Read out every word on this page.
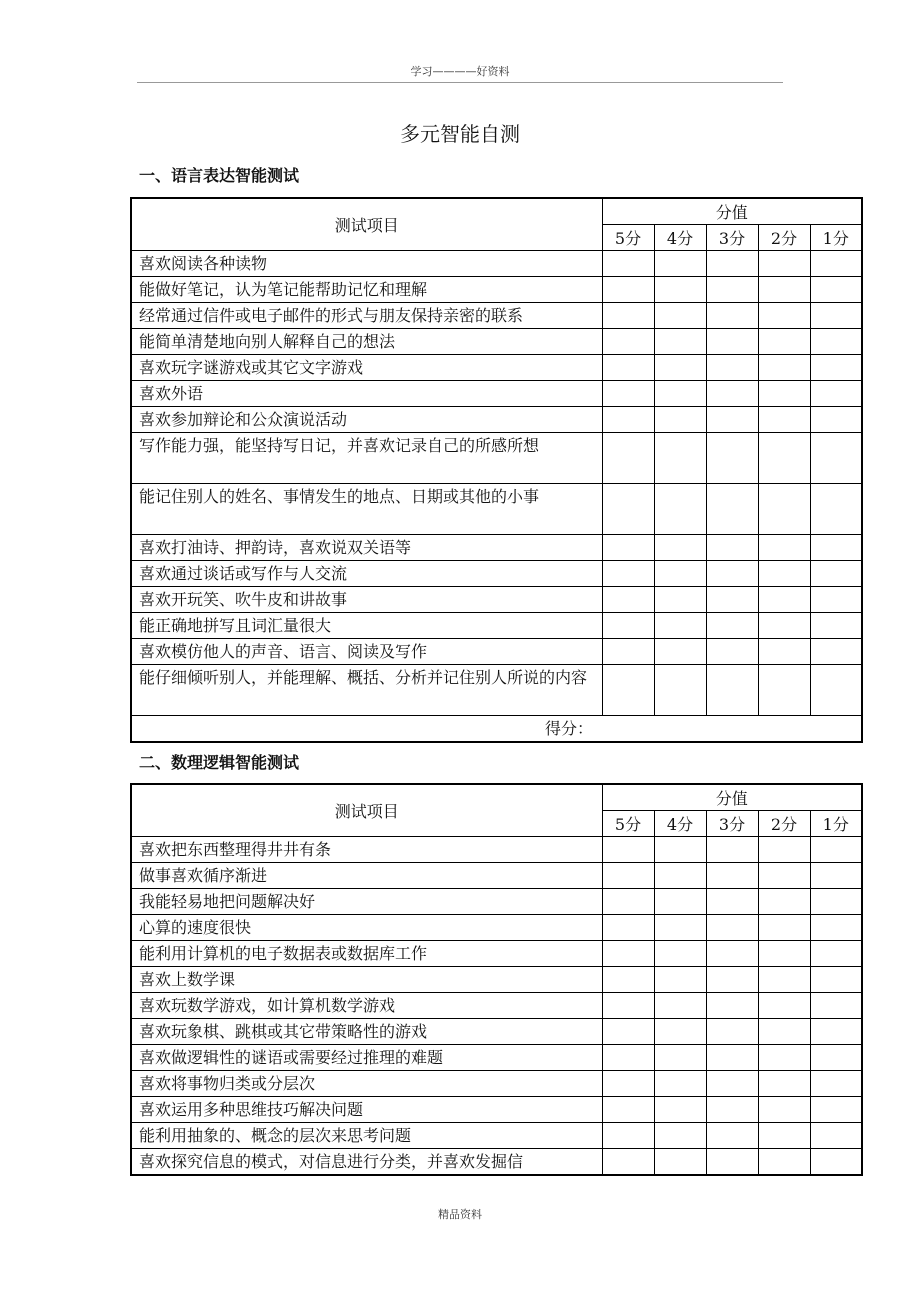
学习————好资料
多元智能自测
一、语言表达智能测试
测试项目	分值				
	5分	4分	3分	2分	1分
喜欢阅读各种读物					
能做好笔记，认为笔记能帮助记忆和理解					
经常通过信件或电子邮件的形式与朋友保持亲密的联系					
能简单清楚地向别人解释自己的想法					
喜欢玩字谜游戏或其它文字游戏					
喜欢外语					
喜欢参加辩论和公众演说活动					
写作能力强，能坚持写日记，并喜欢记录自己的所感所想					
能记住别人的姓名、事情发生的地点、日期或其他的小事					
喜欢打油诗、押韵诗，喜欢说双关语等					
喜欢通过谈话或写作与人交流					
喜欢开玩笑、吹牛皮和讲故事					
能正确地拼写且词汇量很大					
喜欢模仿他人的声音、语言、阅读及写作					
能仔细倾听别人，并能理解、概括、分析并记住别人所说的内容					
得分：					
二、数理逻辑智能测试
测试项目	分值				
	5分	4分	3分	2分	1分
喜欢把东西整理得井井有条					
做事喜欢循序渐进					
我能轻易地把问题解决好					
心算的速度很快					
能利用计算机的电子数据表或数据库工作					
喜欢上数学课					
喜欢玩数学游戏，如计算机数学游戏					
喜欢玩象棋、跳棋或其它带策略性的游戏					
喜欢做逻辑性的谜语或需要经过推理的难题					
喜欢将事物归类或分层次					
喜欢运用多种思维技巧解决问题					
能利用抽象的、概念的层次来思考问题					
喜欢探究信息的模式，对信息进行分类，并喜欢发掘信					
精品资料
